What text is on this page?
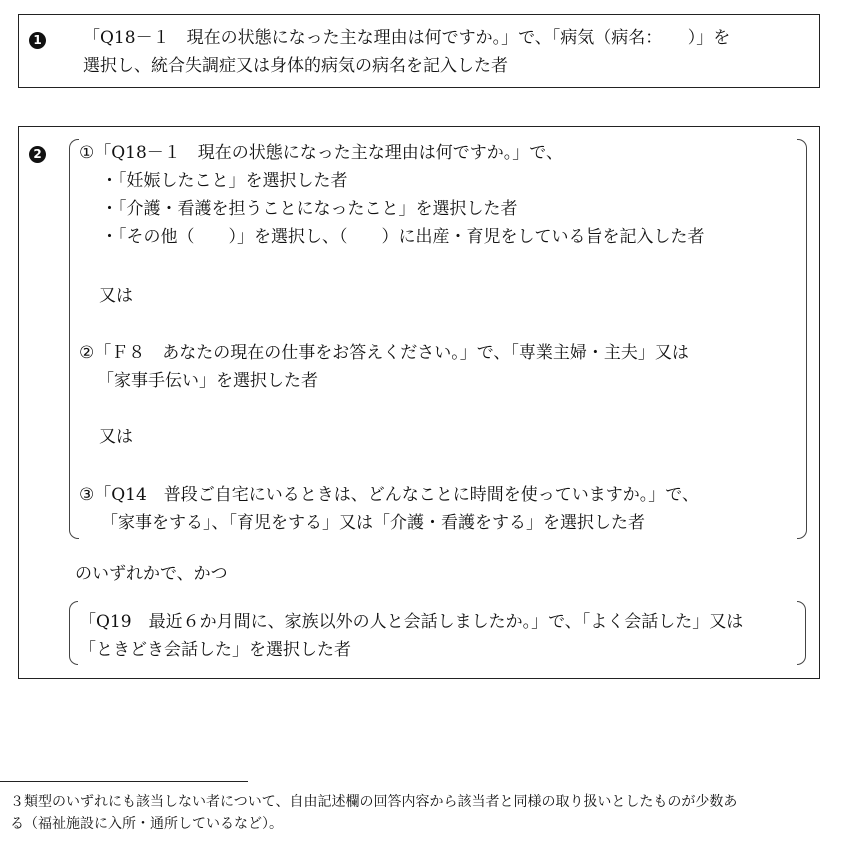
1 「Q18－１　現在の状態になった主な理由は何ですか。」で、「病気（病名：　　）」を
選択し、統合失調症又は身体的病気の病名を記入した者
2 ①「Q18－１　現在の状態になった主な理由は何ですか。」で、
・「妊娠したこと」を選択した者
・「介護・看護を担うことになったこと」を選択した者
・「その他（　　）」を選択し、（　　）に出産・育児をしている旨を記入した者
又は
②「Ｆ８　あなたの現在の仕事をお答えください。」で、「専業主婦・主夫」又は
「家事手伝い」を選択した者
又は
③「Q14　普段ご自宅にいるときは、どんなことに時間を使っていますか。」で、
「家事をする」、「育児をする」又は「介護・看護をする」を選択した者
のいずれかで、かつ
「Q19　最近６か月間に、家族以外の人と会話しましたか。」で、「よく会話した」又は
「ときどき会話した」を選択した者
３類型のいずれにも該当しない者について、自由記述欄の回答内容から該当者と同様の取り扱いとしたものが少数あ
る（福祉施設に入所・通所しているなど）。
